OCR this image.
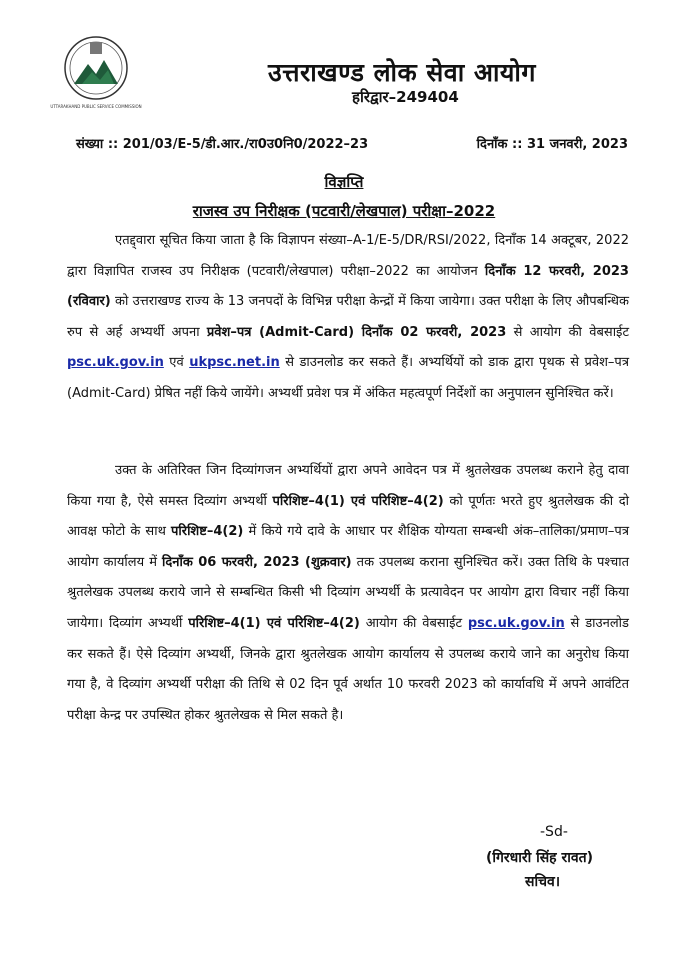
UTTARAKHAND PUBLIC SERVICE COMMISSION
उत्तराखण्ड लोक सेवा आयोग
हरिद्वार–249404
संख्या :: 201/03/E-5/डी.आर./रा0उ0नि0/2022–23	दिनाँक :: 31 जनवरी, 2023
विज्ञप्ति
राजस्व उप निरीक्षक (पटवारी/लेखपाल) परीक्षा–2022

एतद्द्वारा सूचित किया जाता है कि विज्ञापन संख्या–A-1/E-5/DR/RSI/2022, दिनाँक 14 अक्टूबर, 2022 द्वारा विज्ञापित राजस्व उप निरीक्षक (पटवारी/लेखपाल) परीक्षा–2022 का आयोजन दिनाँक 12 फरवरी, 2023 (रविवार) को उत्तराखण्ड राज्य के 13 जनपदों के विभिन्न परीक्षा केन्द्रों में किया जायेगा। उक्त परीक्षा के लिए औपबन्धिक रुप से अर्ह अभ्यर्थी अपना प्रवेश–पत्र (Admit-Card) दिनाँक 02 फरवरी, 2023 से आयोग की वेबसाईट psc.uk.gov.in एवं ukpsc.net.in से डाउनलोड कर सकते हैं। अभ्यर्थियों को डाक द्वारा पृथक से प्रवेश–पत्र (Admit-Card) प्रेषित नहीं किये जायेंगे। अभ्यर्थी प्रवेश पत्र में अंकित महत्वपूर्ण निर्देशों का अनुपालन सुनिश्चित करें।

उक्त के अतिरिक्त जिन दिव्यांगजन अभ्यर्थियों द्वारा अपने आवेदन पत्र में श्रुतलेखक उपलब्ध कराने हेतु दावा किया गया है, ऐसे समस्त दिव्यांग अभ्यर्थी परिशिष्ट–4(1) एवं परिशिष्ट–4(2) को पूर्णतः भरते हुए श्रुतलेखक की दो आवक्ष फोटो के साथ परिशिष्ट–4(2) में किये गये दावे के आधार पर शैक्षिक योग्यता सम्बन्धी अंक–तालिका/प्रमाण–पत्र आयोग कार्यालय में दिनाँक 06 फरवरी, 2023 (शुक्रवार) तक उपलब्ध कराना सुनिश्चित करें। उक्त तिथि के पश्चात श्रुतलेखक उपलब्ध कराये जाने से सम्बन्धित किसी भी दिव्यांग अभ्यर्थी के प्रत्यावेदन पर आयोग द्वारा विचार नहीं किया जायेगा। दिव्यांग अभ्यर्थी परिशिष्ट–4(1) एवं परिशिष्ट–4(2) आयोग की वेबसाईट psc.uk.gov.in से डाउनलोड कर सकते हैं। ऐसे दिव्यांग अभ्यर्थी, जिनके द्वारा श्रुतलेखक आयोग कार्यालय से उपलब्ध कराये जाने का अनुरोध किया गया है, वे दिव्यांग अभ्यर्थी परीक्षा की तिथि से 02 दिन पूर्व अर्थात 10 फरवरी 2023 को कार्यावधि में अपने आवंटित परीक्षा केन्द्र पर उपस्थित होकर श्रुतलेखक से मिल सकते है।

-Sd-
(गिरधारी सिंह रावत)
सचिव।
